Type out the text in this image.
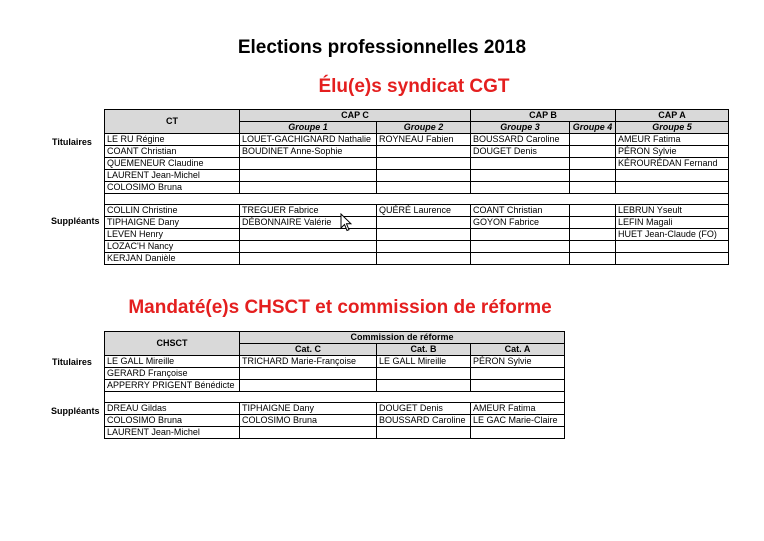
Elections professionnelles 2018
Élu(e)s syndicat CGT
Titulaires
Suppléants
CT	CAP C		CAP B		CAP A
	Groupe 1	Groupe 2	Groupe 3	Groupe 4	Groupe 5
LE RU Régine	LOUET-GACHIGNARD Nathalie	ROYNEAU Fabien	BOUSSARD Caroline		AMEUR Fatima
COANT Christian	BOUDINET Anne-Sophie		DOUGET Denis		PÉRON Sylvie
QUEMENEUR Claudine					KÉROURÉDAN Fernand
LAURENT Jean-Michel					
COLOSIMO Bruna					

COLLIN Christine	TREGUER Fabrice	QUÉRÉ Laurence	COANT Christian		LEBRUN Yseult
TIPHAIGNE Dany	DÉBONNAIRE Valérie		GOYON Fabrice		LEFIN Magali
LEVEN Henry					HUET Jean-Claude (FO)
LOZAC'H Nancy					
KERJAN Danièle					
Mandaté(e)s CHSCT et commission de réforme
Titulaires
Suppléants
CHSCT	Commission de réforme		
	Cat. C	Cat. B	Cat. A
LE GALL Mireille	TRICHARD Marie-Françoise	LE GALL Mireille	PÉRON Sylvie
GERARD Françoise			
APPERRY PRIGENT Bénédicte			

DREAU Gildas	TIPHAIGNE Dany	DOUGET Denis	AMEUR Fatima
COLOSIMO Bruna	COLOSIMO Bruna	BOUSSARD Caroline	LE GAC Marie-Claire
LAURENT Jean-Michel			
